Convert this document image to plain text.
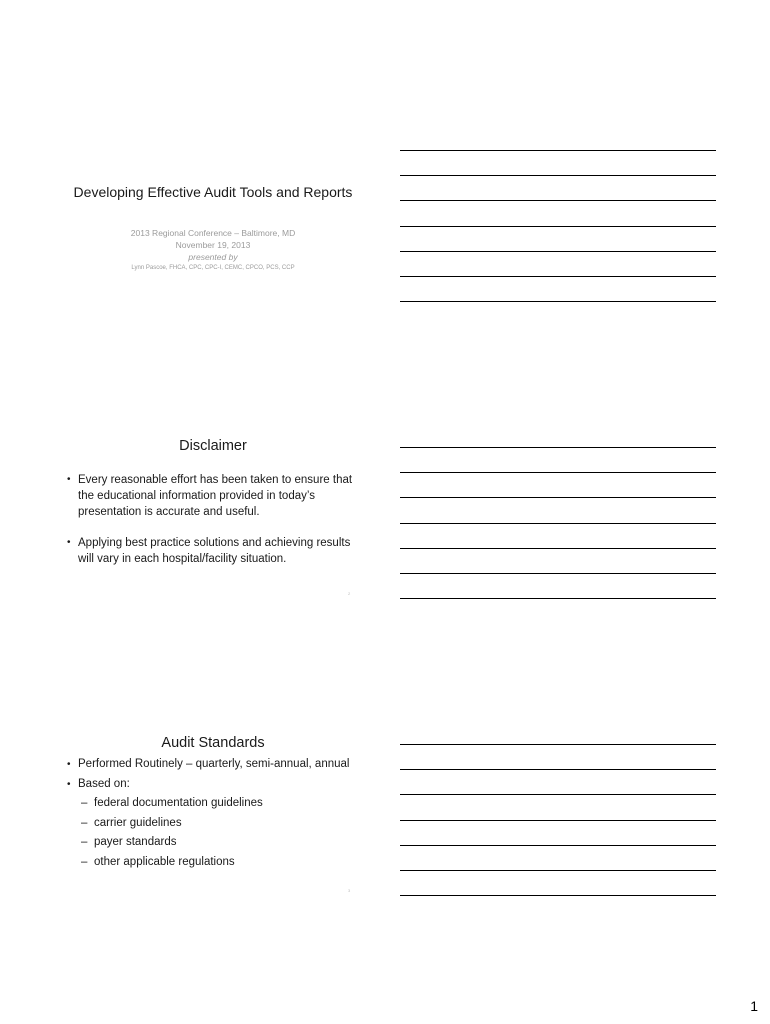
Developing Effective Audit Tools and Reports
2013 Regional Conference – Baltimore, MD
November 19, 2013
presented by
Lynn Pascoe, FHCA, CPC, CPC-I, CEMC, CPCO, PCS, CCP
Disclaimer
• Every reasonable effort has been taken to ensure that the educational information provided in today’s presentation is accurate and useful.
• Applying best practice solutions and achieving results will vary in each hospital/facility situation.
2
Audit Standards
• Performed Routinely – quarterly, semi-annual, annual
• Based on:
– federal documentation guidelines
– carrier guidelines
– payer standards
– other applicable regulations
3
1
